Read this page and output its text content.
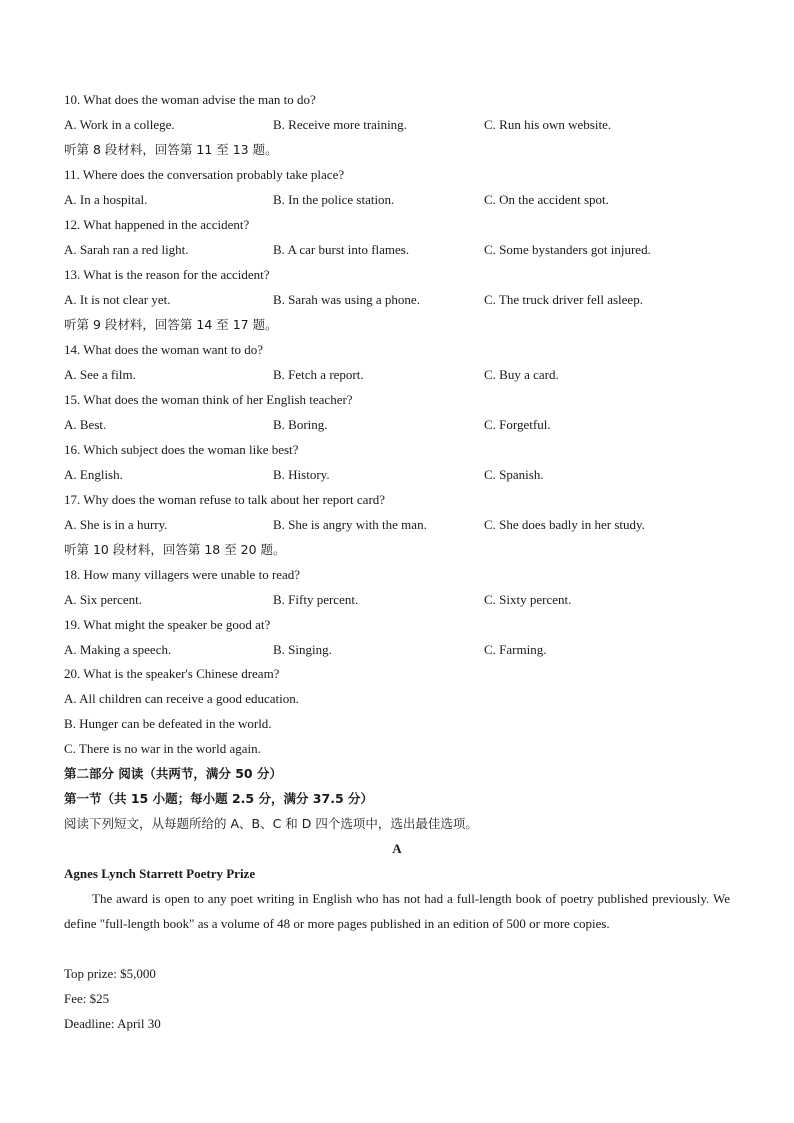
10. What does the woman advise the man to do?
A. Work in a college.	B. Receive more training.	C. Run his own website.
听第 8 段材料，回答第 11 至 13 题。
11. Where does the conversation probably take place?
A. In a hospital.	B. In the police station.	C. On the accident spot.
12. What happened in the accident?
A. Sarah ran a red light.	B. A car burst into flames.	C. Some bystanders got injured.
13. What is the reason for the accident?
A. It is not clear yet.	B. Sarah was using a phone.	C. The truck driver fell asleep.
听第 9 段材料，回答第 14 至 17 题。
14. What does the woman want to do?
A. See a film.	B. Fetch a report.	C. Buy a card.
15. What does the woman think of her English teacher?
A. Best.	B. Boring.	C. Forgetful.
16. Which subject does the woman like best?
A. English.	B. History.	C. Spanish.
17. Why does the woman refuse to talk about her report card?
A. She is in a hurry.	B. She is angry with the man.	C. She does badly in her study.
听第 10 段材料，回答第 18 至 20 题。
18. How many villagers were unable to read?
A. Six percent.	B. Fifty percent.	C. Sixty percent.
19. What might the speaker be good at?
A. Making a speech.	B. Singing.	C. Farming.
20. What is the speaker's Chinese dream?
A. All children can receive a good education.
B. Hunger can be defeated in the world.
C. There is no war in the world again.
第二部分 阅读（共两节，满分 50 分）
第一节（共 15 小题；每小题 2.5 分，满分 37.5 分）
阅读下列短文，从每题所给的 A、B、C 和 D 四个选项中，选出最佳选项。
A
Agnes Lynch Starrett Poetry Prize

The award is open to any poet writing in English who has not had a full-length book of poetry published previously. We define "full-length book" as a volume of 48 or more pages published in an edition of 500 or more copies.

Top prize: $5,000
Fee: $25
Deadline: April 30
